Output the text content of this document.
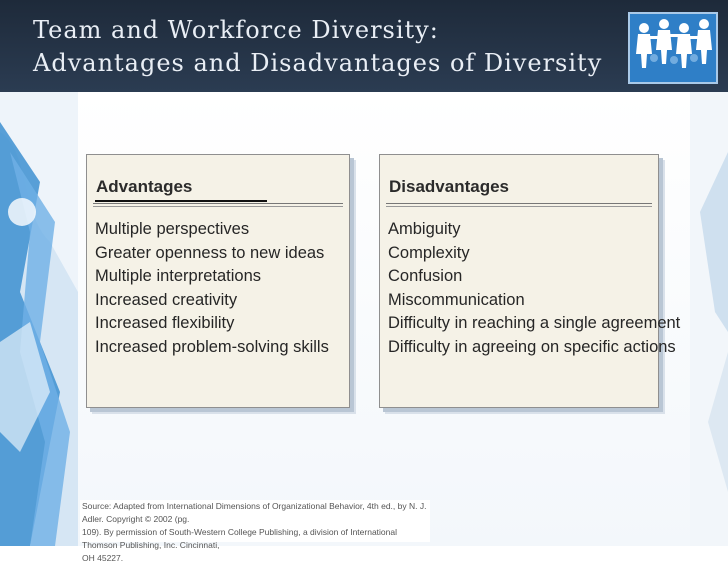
Team and Workforce Diversity:
Advantages and Disadvantages of Diversity
Advantages
Multiple perspectives
Greater openness to new ideas
Multiple interpretations
Increased creativity
Increased flexibility
Increased problem-solving skills
Disadvantages
Ambiguity
Complexity
Confusion
Miscommunication
Difficulty in reaching a single agreement
Difficulty in agreeing on specific actions
Source: Adapted from International Dimensions of Organizational Behavior, 4th ed., by N. J. Adler. Copyright © 2002 (pg.
109). By permission of South-Western College Publishing, a division of International Thomson Publishing, Inc. Cincinnati,
OH 45227.
